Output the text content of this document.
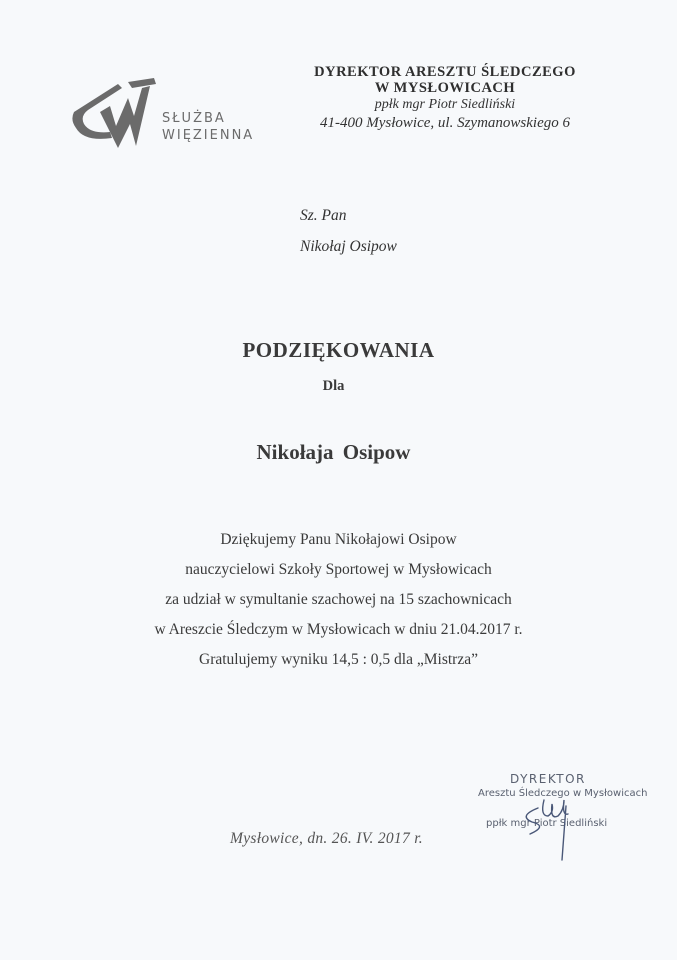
SŁUŻBA
WIĘZIENNA
DYREKTOR ARESZTU ŚLEDCZEGO
W MYSŁOWICACH
ppłk mgr Piotr Siedliński
41-400 Mysłowice, ul. Szymanowskiego 6
Sz. Pan
Nikołaj Osipow
PODZIĘKOWANIA
Dla
Nikołaja Osipow
Dziękujemy Panu Nikołajowi Osipow
nauczycielowi Szkoły Sportowej w Mysłowicach
za udział w symultanie szachowej na 15 szachownicach
w Areszcie Śledczym w Mysłowicach w dniu 21.04.2017 r.
Gratulujemy wyniku 14,5 : 0,5 dla „Mistrza”
Mysłowice, dn. 26. IV. 2017 r.
DYREKTOR
Aresztu Śledczego w Mysłowicach
ppłk mgr Piotr Siedliński
